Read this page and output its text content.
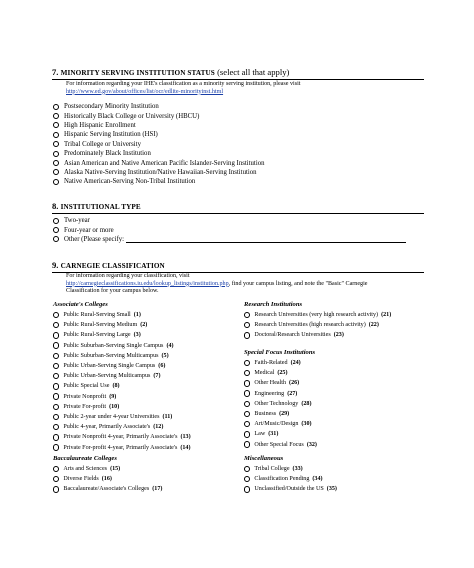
7. MINORITY SERVING INSTITUTION STATUS (select all that apply)
For information regarding your IHE's classification as a minority serving institution, please visit
http://www.ed.gov/about/offices/list/ocr/edlite-minorityinst.html
Postsecondary Minority Institution
Historically Black College or University (HBCU)
High Hispanic Enrollment
Hispanic Serving Institution (HSI)
Tribal College or University
Predominately Black Institution
Asian American and Native American Pacific Islander-Serving Institution
Alaska Native-Serving Institution/Native Hawaiian-Serving Institution
Native American-Serving Non-Tribal Institution
8. INSTITUTIONAL TYPE
Two-year
Four-year or more
Other (Please specify:
9. CARNEGIE CLASSIFICATION
For information regarding your classification, visit
http://carnegieclassifications.iu.edu/lookup_listings/institution.php, find your campus listing, and note the "Basic" Carnegie
Classification for your campus below.
Associate's Colleges
Public Rural-Serving Small (1)
Public Rural-Serving Medium (2)
Public Rural-Serving Large (3)
Public Suburban-Serving Single Campus (4)
Public Suburban-Serving Multicampus (5)
Public Urban-Serving Single Campus (6)
Public Urban-Serving Multicampus (7)
Public Special Use (8)
Private Nonprofit (9)
Private For-profit (10)
Public 2-year under 4-year Universities (11)
Public 4-year, Primarily Associate's (12)
Private Nonprofit 4-year, Primarily Associate's (13)
Private For-profit 4-year, Primarily Associate's (14)
Baccalaureate Colleges
Arts and Sciences (15)
Diverse Fields (16)
Baccalaureate/Associate's Colleges (17)
Research Institutions
Research Universities (very high research activity) (21)
Research Universities (high research activity) (22)
Doctoral/Research Universities (23)
Special Focus Institutions
Faith-Related (24)
Medical (25)
Other Health (26)
Engineering (27)
Other Technology (28)
Business (29)
Art/Music/Design (30)
Law (31)
Other Special Focus (32)
Miscellaneous
Tribal College (33)
Classification Pending (34)
Unclassified/Outside the US (35)
